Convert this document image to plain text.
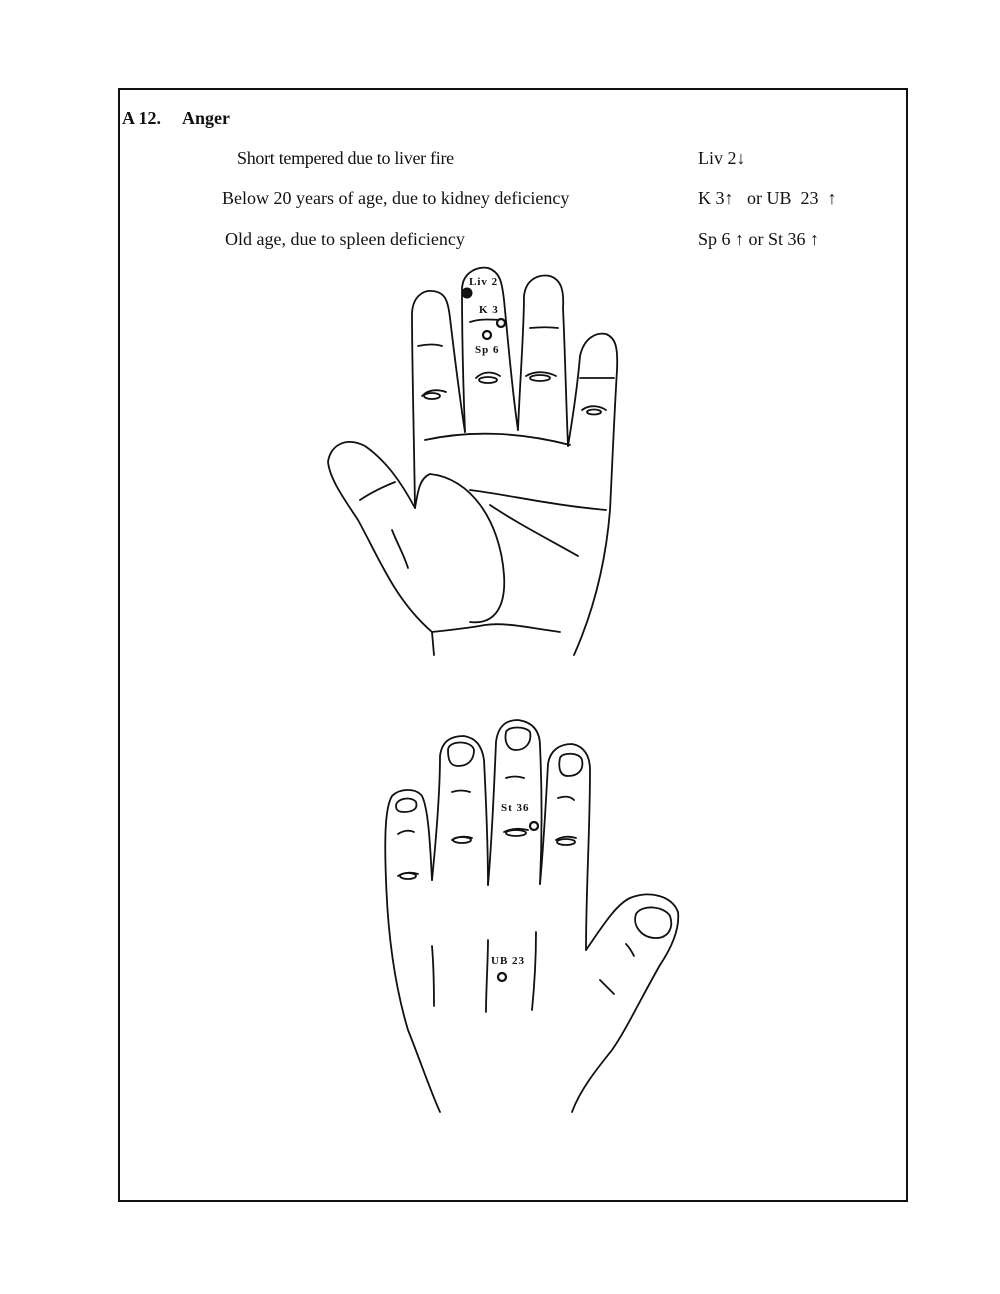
A 12. Anger
Short tempered due to liver fire
Below 20 years of age, due to kidney deficiency
Old age, due to spleen deficiency
Liv 2↓
K 3↑   or UB  23  ↑
Sp 6 ↑ or St 36 ↑
Liv 2
K 3
Sp 6
St 36
UB 23
